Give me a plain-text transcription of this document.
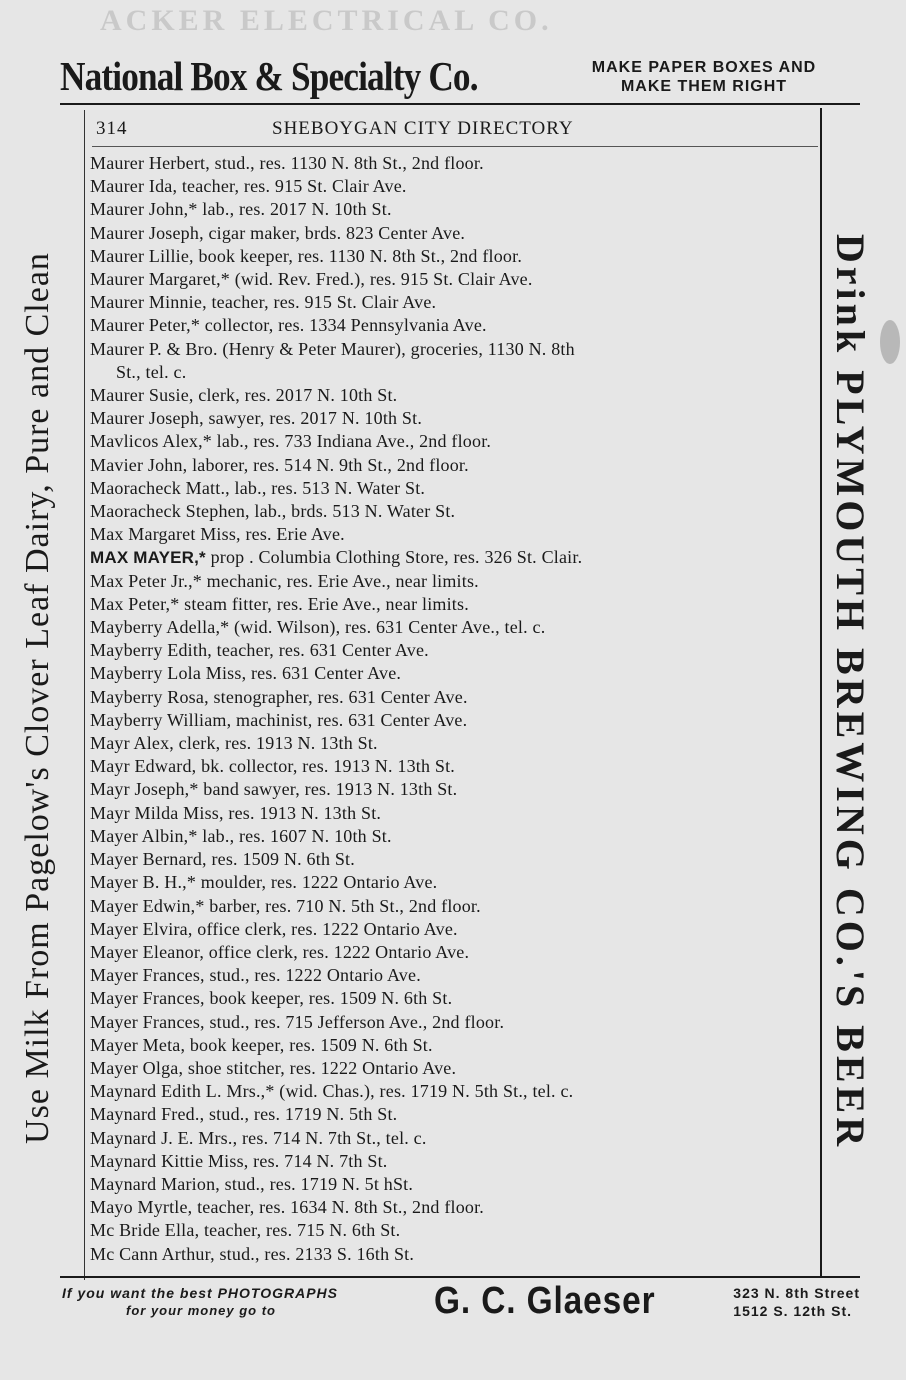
ACKER ELECTRICAL CO.
National Box & Specialty Co.	MAKE PAPER BOXES AND
MAKE THEM RIGHT
Use Milk From Pagelow's Clover Leaf Dairy, Pure and Clean	Drink PLYMOUTH BREWING CO.'S BEER
314	SHEBOYGAN CITY DIRECTORY
Maurer Herbert, stud., res. 1130 N. 8th St., 2nd floor.
Maurer Ida, teacher, res. 915 St. Clair Ave.
Maurer John,* lab., res. 2017 N. 10th St.
Maurer Joseph, cigar maker, brds. 823 Center Ave.
Maurer Lillie, book keeper, res. 1130 N. 8th St., 2nd floor.
Maurer Margaret,* (wid. Rev. Fred.), res. 915 St. Clair Ave.
Maurer Minnie, teacher, res. 915 St. Clair Ave.
Maurer Peter,* collector, res. 1334 Pennsylvania Ave.
Maurer P. & Bro. (Henry & Peter Maurer), groceries, 1130 N. 8th
St., tel. c.
Maurer Susie, clerk, res. 2017 N. 10th St.
Maurer Joseph, sawyer, res. 2017 N. 10th St.
Mavlicos Alex,* lab., res. 733 Indiana Ave., 2nd floor.
Mavier John, laborer, res. 514 N. 9th St., 2nd floor.
Maoracheck Matt., lab., res. 513 N. Water St.
Maoracheck Stephen, lab., brds. 513 N. Water St.
Max Margaret Miss, res. Erie Ave.
MAX MAYER,* prop . Columbia Clothing Store, res. 326 St. Clair.
Max Peter Jr.,* mechanic, res. Erie Ave., near limits.
Max Peter,* steam fitter, res. Erie Ave., near limits.
Mayberry Adella,* (wid. Wilson), res. 631 Center Ave., tel. c.
Mayberry Edith, teacher, res. 631 Center Ave.
Mayberry Lola Miss, res. 631 Center Ave.
Mayberry Rosa, stenographer, res. 631 Center Ave.
Mayberry William, machinist, res. 631 Center Ave.
Mayr Alex, clerk, res. 1913 N. 13th St.
Mayr Edward, bk. collector, res. 1913 N. 13th St.
Mayr Joseph,* band sawyer, res. 1913 N. 13th St.
Mayr Milda Miss, res. 1913 N. 13th St.
Mayer Albin,* lab., res. 1607 N. 10th St.
Mayer Bernard, res. 1509 N. 6th St.
Mayer B. H.,* moulder, res. 1222 Ontario Ave.
Mayer Edwin,* barber, res. 710 N. 5th St., 2nd floor.
Mayer Elvira, office clerk, res. 1222 Ontario Ave.
Mayer Eleanor, office clerk, res. 1222 Ontario Ave.
Mayer Frances, stud., res. 1222 Ontario Ave.
Mayer Frances, book keeper, res. 1509 N. 6th St.
Mayer Frances, stud., res. 715 Jefferson Ave., 2nd floor.
Mayer Meta, book keeper, res. 1509 N. 6th St.
Mayer Olga, shoe stitcher, res. 1222 Ontario Ave.
Maynard Edith L. Mrs.,* (wid. Chas.), res. 1719 N. 5th St., tel. c.
Maynard Fred., stud., res. 1719 N. 5th St.
Maynard J. E. Mrs., res. 714 N. 7th St., tel. c.
Maynard Kittie Miss, res. 714 N. 7th St.
Maynard Marion, stud., res. 1719 N. 5t hSt.
Mayo Myrtle, teacher, res. 1634 N. 8th St., 2nd floor.
Mc Bride Ella, teacher, res. 715 N. 6th St.
Mc Cann Arthur, stud., res. 2133 S. 16th St.
If you want the best PHOTOGRAPHS
for your money go to	G. C. Glaeser	323 N. 8th Street
1512 S. 12th St.
